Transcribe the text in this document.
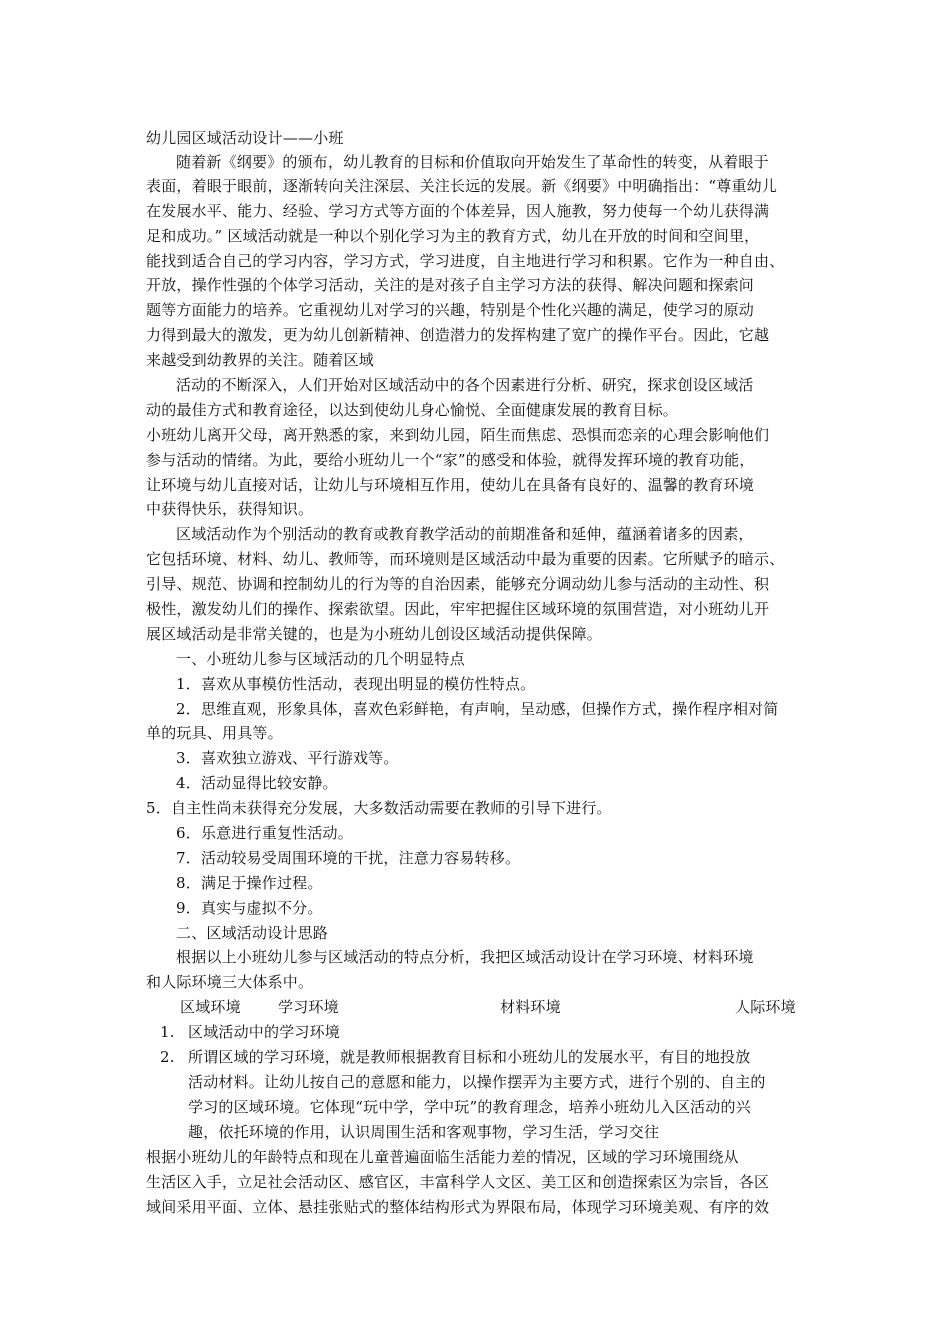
幼儿园区域活动设计——小班
随着新《纲要》的颁布，幼儿教育的目标和价值取向开始发生了革命性的转变，从着眼于
表面，着眼于眼前，逐渐转向关注深层、关注长远的发展。新《纲要》中明确指出：“尊重幼儿
在发展水平、能力、经验、学习方式等方面的个体差异，因人施教，努力使每一个幼儿获得满
足和成功。” 区域活动就是一种以个别化学习为主的教育方式，幼儿在开放的时间和空间里，
能找到适合自己的学习内容，学习方式，学习进度，自主地进行学习和积累。它作为一种自由、
开放，操作性强的个体学习活动，关注的是对孩子自主学习方法的获得、解决问题和探索问
题等方面能力的培养。它重视幼儿对学习的兴趣，特别是个性化兴趣的满足，使学习的原动
力得到最大的激发，更为幼儿创新精神、创造潜力的发挥构建了宽广的操作平台。因此，它越
来越受到幼教界的关注。随着区域
活动的不断深入，人们开始对区域活动中的各个因素进行分析、研究，探求创设区域活
动的最佳方式和教育途径，以达到使幼儿身心愉悦、全面健康发展的教育目标。
小班幼儿离开父母，离开熟悉的家，来到幼儿园，陌生而焦虑、恐惧而恋亲的心理会影响他们
参与活动的情绪。为此，要给小班幼儿一个“家”的感受和体验，就得发挥环境的教育功能，
让环境与幼儿直接对话，让幼儿与环境相互作用，使幼儿在具备有良好的、温馨的教育环境
中获得快乐，获得知识。
区域活动作为个别活动的教育或教育教学活动的前期准备和延伸，蕴涵着诸多的因素，
它包括环境、材料、幼儿、教师等，而环境则是区域活动中最为重要的因素。它所赋予的暗示、
引导、规范、协调和控制幼儿的行为等的自治因素，能够充分调动幼儿参与活动的主动性、积
极性，激发幼儿们的操作、探索欲望。因此，牢牢把握住区域环境的氛围营造，对小班幼儿开
展区域活动是非常关键的，也是为小班幼儿创设区域活动提供保障。
一、小班幼儿参与区域活动的几个明显特点
1．喜欢从事模仿性活动，表现出明显的模仿性特点。
2．思维直观，形象具体，喜欢色彩鲜艳，有声响，呈动感，但操作方式，操作程序相对简
单的玩具、用具等。
3．喜欢独立游戏、平行游戏等。
4．活动显得比较安静。
5．自主性尚未获得充分发展，大多数活动需要在教师的引导下进行。
6．乐意进行重复性活动。
7．活动较易受周围环境的干扰，注意力容易转移。
8．满足于操作过程。
9．真实与虚拟不分。
二、区域活动设计思路
根据以上小班幼儿参与区域活动的特点分析，我把区域活动设计在学习环境、材料环境
和人际环境三大体系中。
区域环境 学习环境	材料环境	人际环境
1. 区域活动中的学习环境
2. 所谓区域的学习环境，就是教师根据教育目标和小班幼儿的发展水平，有目的地投放
活动材料。让幼儿按自己的意愿和能力，以操作摆弄为主要方式，进行个别的、自主的
学习的区域环境。它体现“玩中学，学中玩”的教育理念，培养小班幼儿入区活动的兴
趣，依托环境的作用，认识周围生活和客观事物，学习生活，学习交往
根据小班幼儿的年龄特点和现在儿童普遍面临生活能力差的情况，区域的学习环境围绕从
生活区入手，立足社会活动区、感官区，丰富科学人文区、美工区和创造探索区为宗旨，各区
域间采用平面、立体、悬挂张贴式的整体结构形式为界限布局，体现学习环境美观、有序的效
